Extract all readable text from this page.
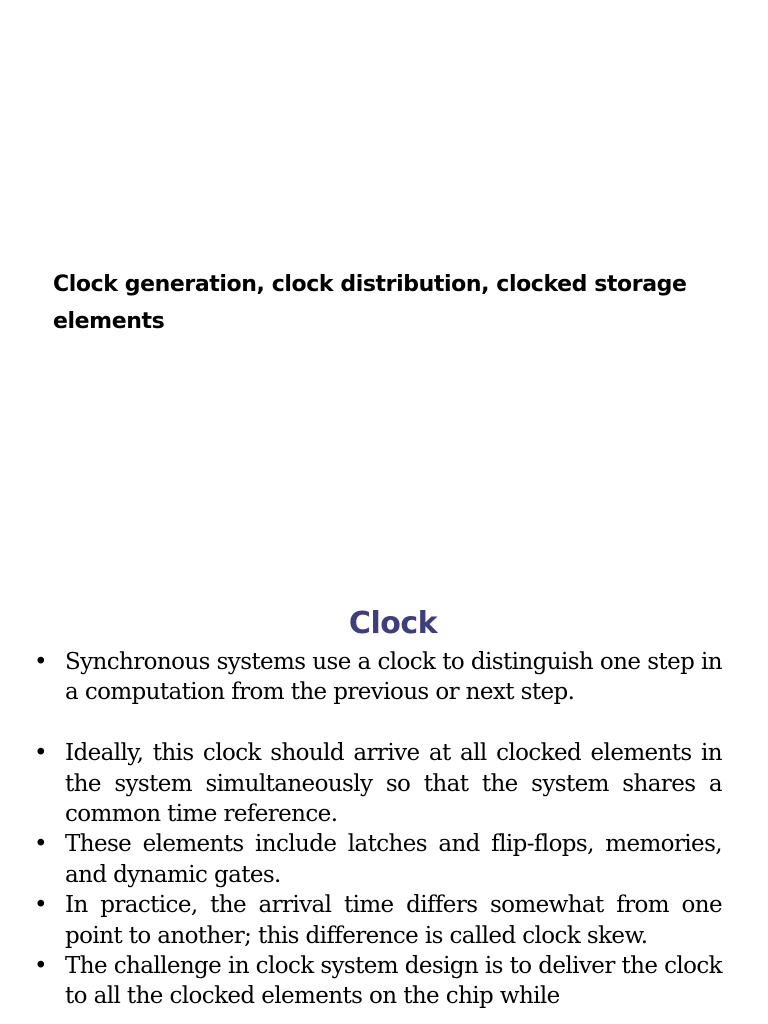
Clock generation, clock distribution, clocked storage elements
Clock
• Synchronous systems use a clock to distinguish one step in a computation from the previous or next step.
• Ideally, this clock should arrive at all clocked elements in the system simultaneously so that the system shares a common time reference.
• These elements include latches and flip-flops, memories, and dynamic gates.
• In practice, the arrival time differs somewhat from one point to another; this difference is called clock skew.
• The challenge in clock system design is to deliver the clock to all the clocked elements on the chip while
